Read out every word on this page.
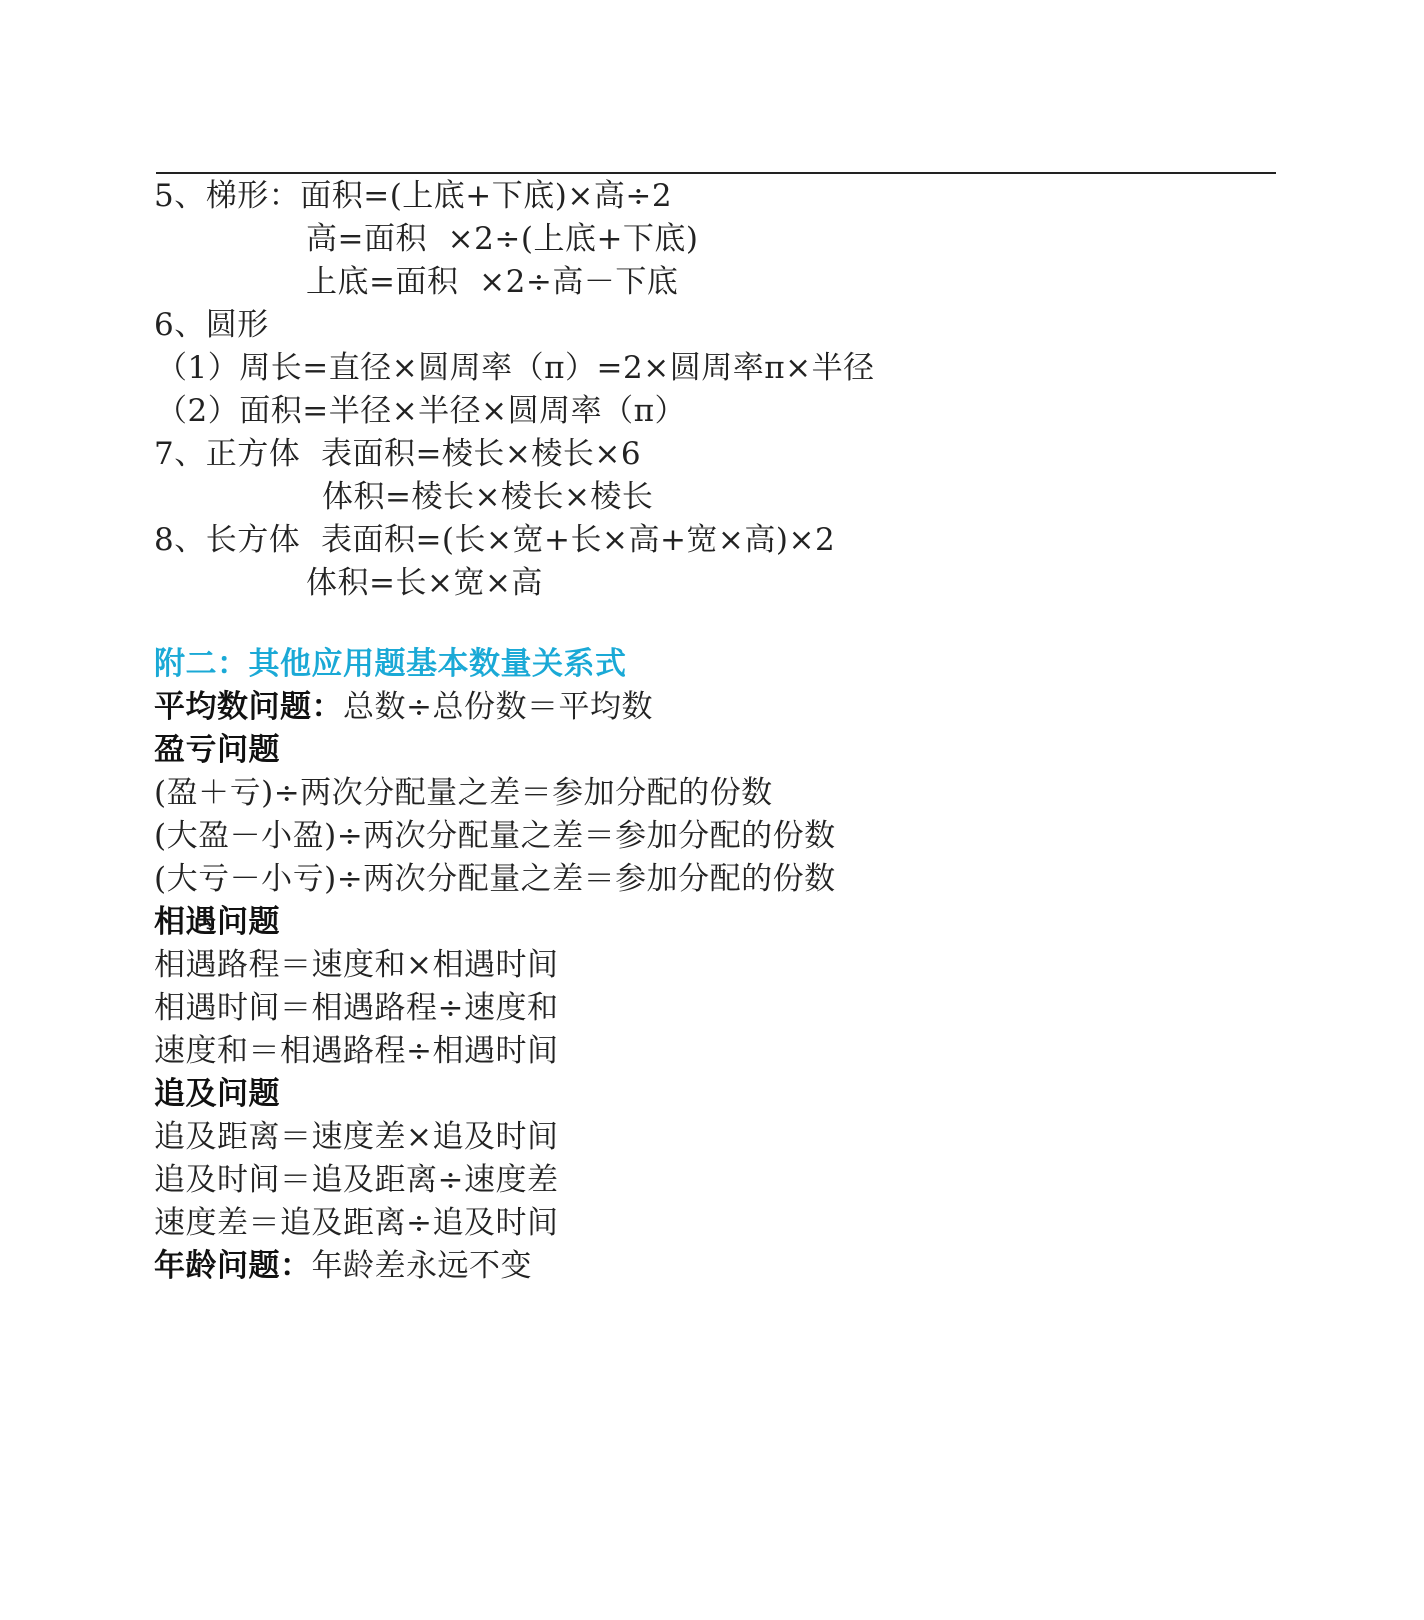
5、梯形：面积=(上底+下底)×高÷2
高=面积  ×2÷(上底+下底)
上底=面积  ×2÷高－下底
6、圆形
（1）周长=直径×圆周率（π）=2×圆周率π×半径
（2）面积=半径×半径×圆周率（π）
7、正方体 表面积=棱长×棱长×6
体积=棱长×棱长×棱长
8、长方体 表面积=(长×宽+长×高+宽×高)×2
体积=长×宽×高
附二：其他应用题基本数量关系式
平均数问题：总数÷总份数＝平均数
盈亏问题
(盈＋亏)÷两次分配量之差＝参加分配的份数
(大盈－小盈)÷两次分配量之差＝参加分配的份数
(大亏－小亏)÷两次分配量之差＝参加分配的份数
相遇问题
相遇路程＝速度和×相遇时间
相遇时间＝相遇路程÷速度和
速度和＝相遇路程÷相遇时间
追及问题
追及距离＝速度差×追及时间
追及时间＝追及距离÷速度差
速度差＝追及距离÷追及时间
年龄问题：年龄差永远不变
